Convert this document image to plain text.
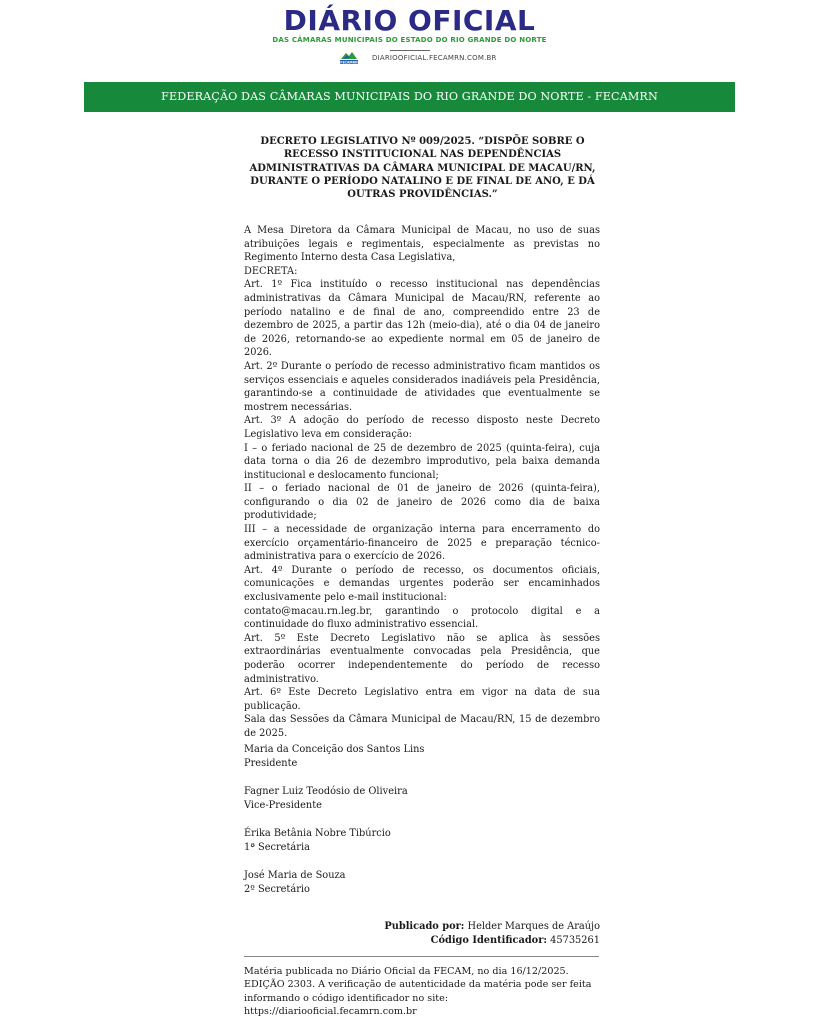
DIÁRIO OFICIAL
DAS CÂMARAS MUNICIPAIS DO ESTADO DO RIO GRANDE DO NORTE
FECAMRN
DIARIOOFICIAL.FECAMRN.COM.BR
FEDERAÇÃO DAS CÂMARAS MUNICIPAIS DO RIO GRANDE DO NORTE - FECAMRN
DECRETO LEGISLATIVO Nº 009/2025. “DISPÕE SOBRE O
RECESSO INSTITUCIONAL NAS DEPENDÊNCIAS
ADMINISTRATIVAS DA CÂMARA MUNICIPAL DE MACAU/RN,
DURANTE O PERÍODO NATALINO E DE FINAL DE ANO, E DÁ
OUTRAS PROVIDÊNCIAS.”

A Mesa Diretora da Câmara Municipal de Macau, no uso de suas atribuições legais e regimentais, especialmente as previstas no Regimento Interno desta Casa Legislativa,

DECRETA:

Art. 1º Fica instituído o recesso institucional nas dependências administrativas da Câmara Municipal de Macau/RN, referente ao período natalino e de final de ano, compreendido entre 23 de dezembro de 2025, a partir das 12h (meio-dia), até o dia 04 de janeiro de 2026, retornando-se ao expediente normal em 05 de janeiro de 2026.

Art. 2º Durante o período de recesso administrativo ficam mantidos os serviços essenciais e aqueles considerados inadiáveis pela Presidência, garantindo-se a continuidade de atividades que eventualmente se mostrem necessárias.

Art. 3º A adoção do período de recesso disposto neste Decreto Legislativo leva em consideração:

I – o feriado nacional de 25 de dezembro de 2025 (quinta-feira), cuja data torna o dia 26 de dezembro improdutivo, pela baixa demanda institucional e deslocamento funcional;

II – o feriado nacional de 01 de janeiro de 2026 (quinta-feira), configurando o dia 02 de janeiro de 2026 como dia de baixa produtividade;

III – a necessidade de organização interna para encerramento do exercício orçamentário-financeiro de 2025 e preparação técnico-administrativa para o exercício de 2026.

Art. 4º Durante o período de recesso, os documentos oficiais, comunicações e demandas urgentes poderão ser encaminhados exclusivamente pelo e-mail institucional:

contato@macau.rn.leg.br, garantindo o protocolo digital e a continuidade do fluxo administrativo essencial.

Art. 5º Este Decreto Legislativo não se aplica às sessões extraordinárias eventualmente convocadas pela Presidência, que poderão ocorrer independentemente do período de recesso administrativo.

Art. 6º Este Decreto Legislativo entra em vigor na data de sua publicação.

Sala das Sessões da Câmara Municipal de Macau/RN, 15 de dezembro de 2025.

Maria da Conceição dos Santos Lins
Presidente
Fagner Luiz Teodósio de Oliveira
Vice-Presidente
Érika Betânia Nobre Tibúrcio
1ª Secretária
José Maria de Souza
2º Secretário
Publicado por: Helder Marques de Araújo
Código Identificador: 45735261
Matéria publicada no Diário Oficial da FECAM, no dia 16/12/2025.
EDIÇÃO 2303. A verificação de autenticidade da matéria pode ser feita
informando o código identificador no site:
https://diariooficial.fecamrn.com.br
